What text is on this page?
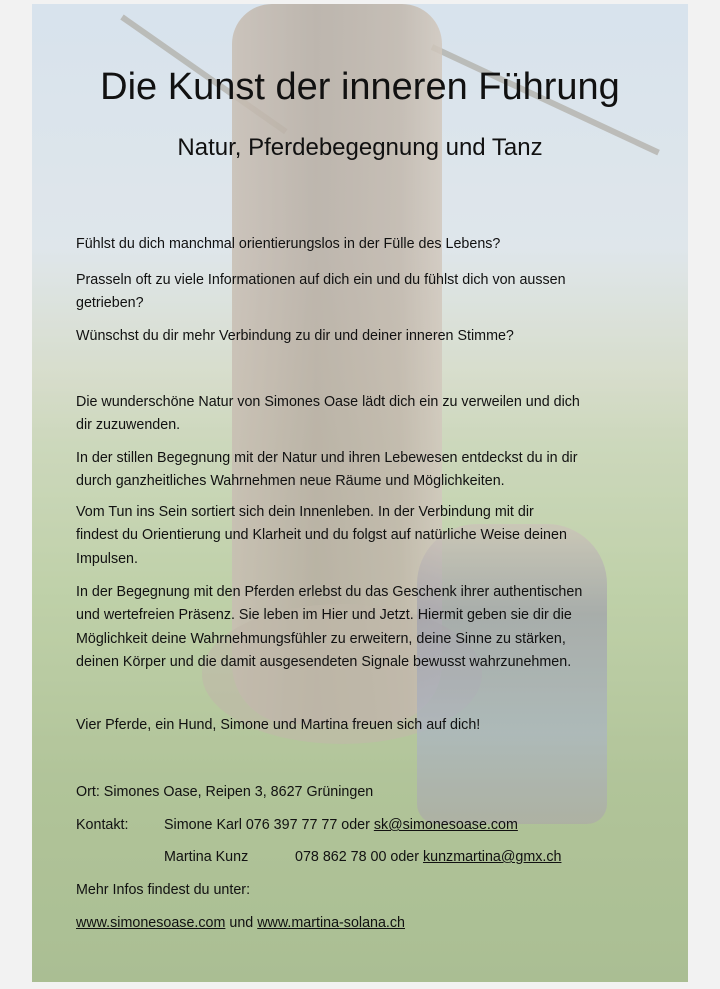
Die Kunst der inneren Führung
Natur, Pferdebegegnung und Tanz
Fühlst du dich manchmal orientierungslos in der Fülle des Lebens?
Prasseln oft zu viele Informationen auf dich ein und du fühlst dich von aussen
getrieben?
Wünschst du dir mehr Verbindung zu dir und deiner inneren Stimme?
Die wunderschöne Natur von Simones Oase lädt dich ein zu verweilen und dich
dir zuzuwenden.
In der stillen Begegnung mit der Natur und ihren Lebewesen entdeckst du in dir
durch ganzheitliches Wahrnehmen neue Räume und Möglichkeiten.
Vom Tun ins Sein sortiert sich dein Innenleben. In der Verbindung mit dir
findest du Orientierung und Klarheit und du folgst auf natürliche Weise deinen
Impulsen.
In der Begegnung mit den Pferden erlebst du das Geschenk ihrer authentischen
und wertefreien Präsenz. Sie leben im Hier und Jetzt. Hiermit geben sie dir die
Möglichkeit deine Wahrnehmungsfühler zu erweitern, deine Sinne zu stärken,
deinen Körper und die damit ausgesendeten Signale bewusst wahrzunehmen.
Vier Pferde, ein Hund, Simone und Martina freuen sich auf dich!
Ort: Simones Oase, Reipen 3, 8627 Grüningen
Kontakt: Simone Karl 076 397 77 77 oder sk@simonesoase.com
Martina Kunz	078 862 78 00 oder kunzmartina@gmx.ch
Mehr Infos findest du unter:
www.simonesoase.com und www.martina-solana.ch
